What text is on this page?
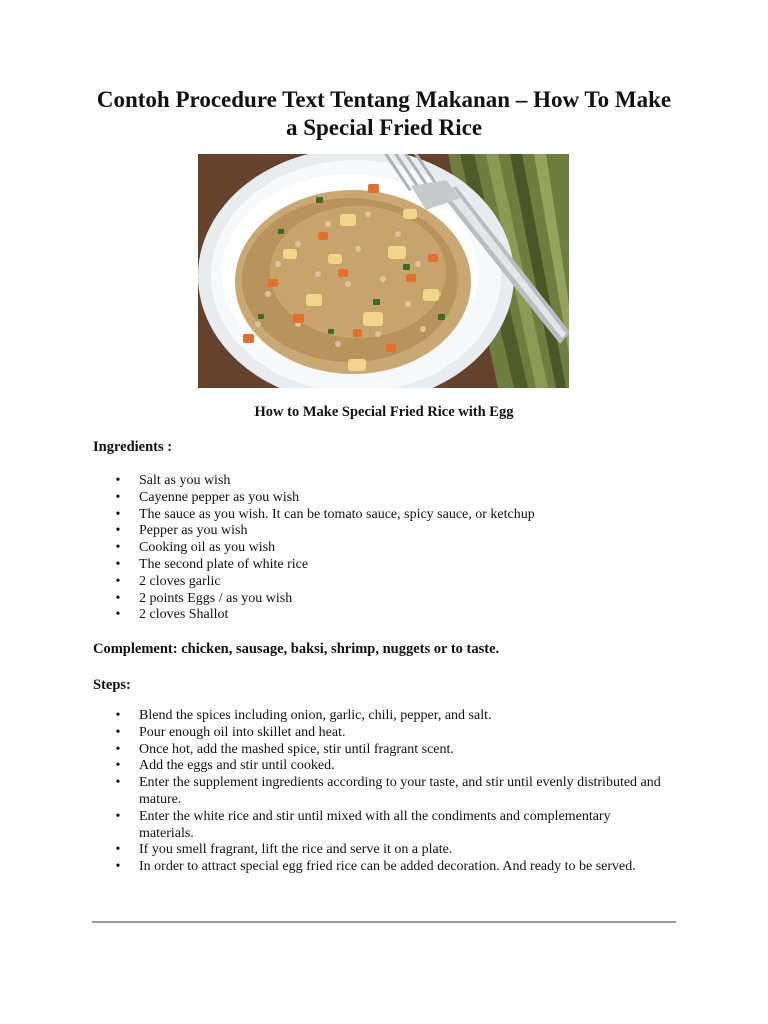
Contoh Procedure Text Tentang Makanan – How To Make a Special Fried Rice

How to Make Special Fried Rice with Egg

Ingredients :

• Salt as you wish
• Cayenne pepper as you wish
• The sauce as you wish. It can be tomato sauce, spicy sauce, or ketchup
• Pepper as you wish
• Cooking oil as you wish
• The second plate of white rice
• 2 cloves garlic
• 2 points Eggs / as you wish
• 2 cloves Shallot

Complement: chicken, sausage, baksi, shrimp, nuggets or to taste.

Steps:

• Blend the spices including onion, garlic, chili, pepper, and salt.
• Pour enough oil into skillet and heat.
• Once hot, add the mashed spice, stir until fragrant scent.
• Add the eggs and stir until cooked.
• Enter the supplement ingredients according to your taste, and stir until evenly distributed and mature.
• Enter the white rice and stir until mixed with all the condiments and complementary materials.
• If you smell fragrant, lift the rice and serve it on a plate.
• In order to attract special egg fried rice can be added decoration. And ready to be served.
